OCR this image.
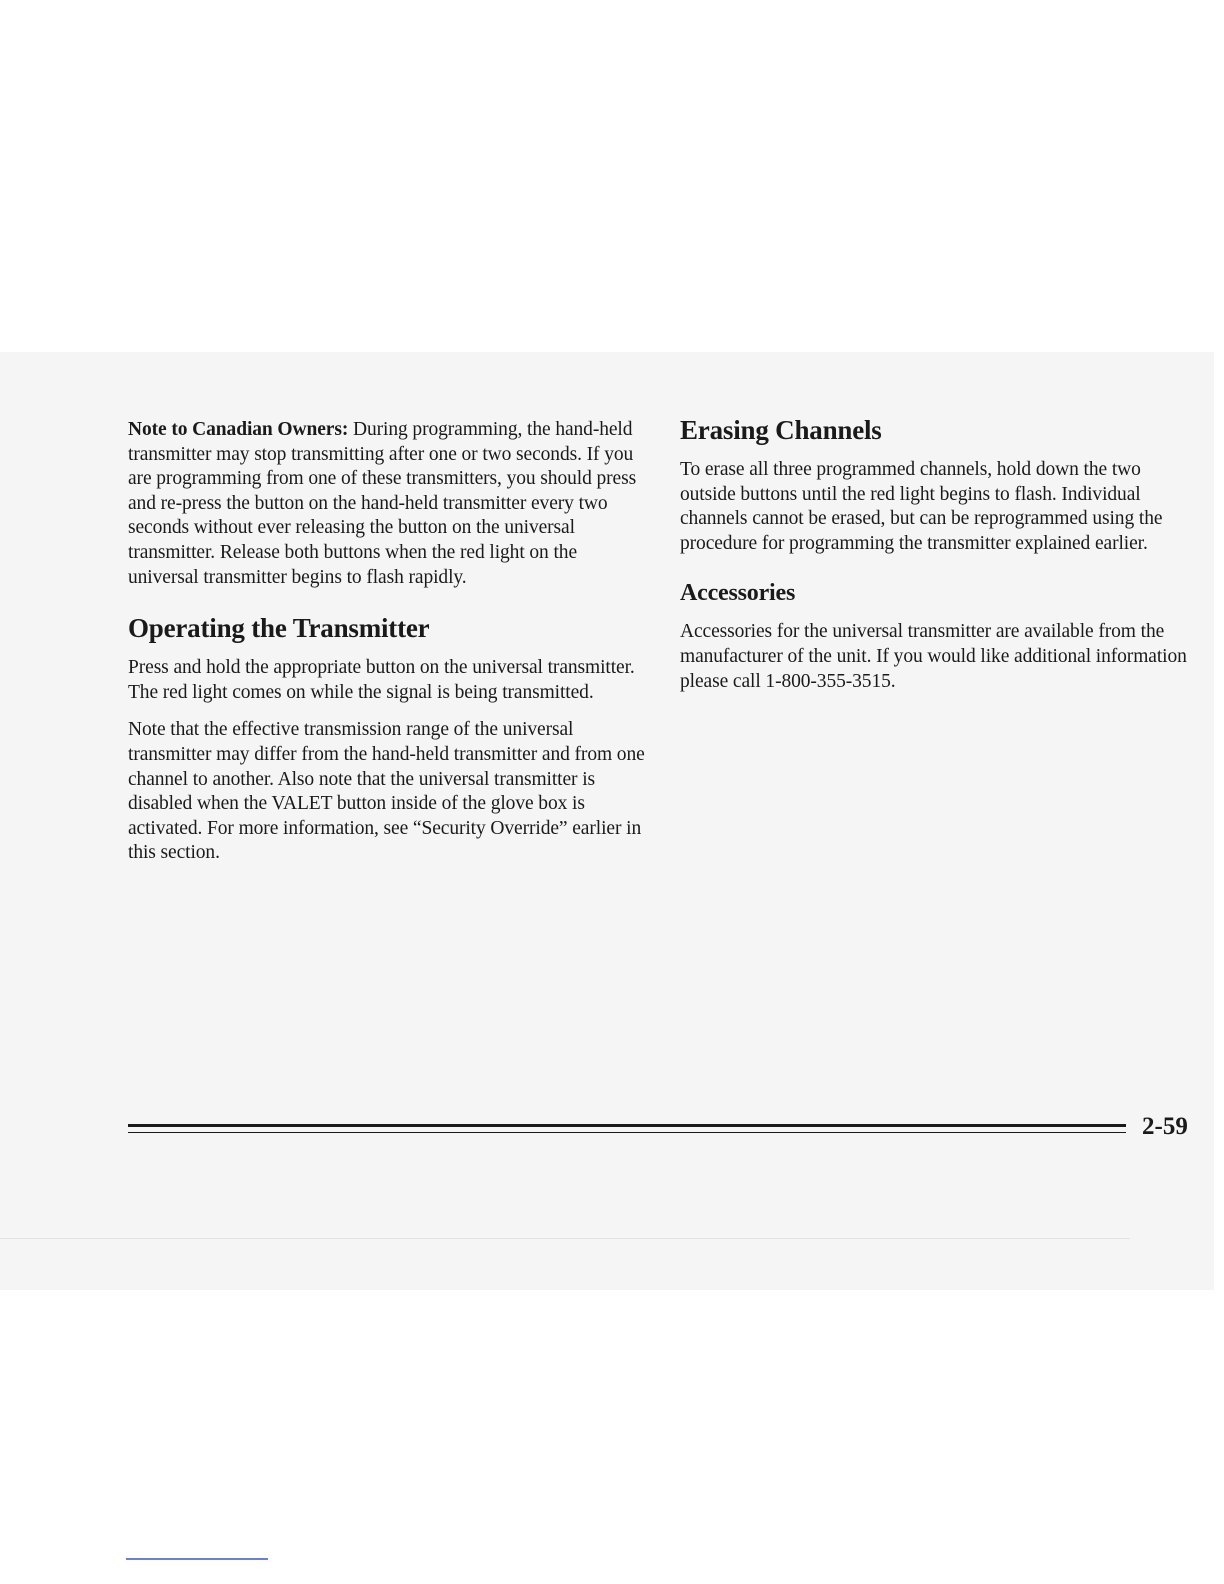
Note to Canadian Owners: During programming, the hand-held transmitter may stop transmitting after one or two seconds. If you are programming from one of these transmitters, you should press and re-press the button on the hand-held transmitter every two seconds without ever releasing the button on the universal transmitter. Release both buttons when the red light on the universal transmitter begins to flash rapidly.

Operating the Transmitter

Press and hold the appropriate button on the universal transmitter. The red light comes on while the signal is being transmitted.

Note that the effective transmission range of the universal transmitter may differ from the hand-held transmitter and from one channel to another. Also note that the universal transmitter is disabled when the VALET button inside of the glove box is activated. For more information, see “Security Override” earlier in this section.

Erasing Channels

To erase all three programmed channels, hold down the two outside buttons until the red light begins to flash. Individual channels cannot be erased, but can be reprogrammed using the procedure for programming the transmitter explained earlier.

Accessories

Accessories for the universal transmitter are available from the manufacturer of the unit. If you would like additional information please call 1-800-355-3515.

2-59
